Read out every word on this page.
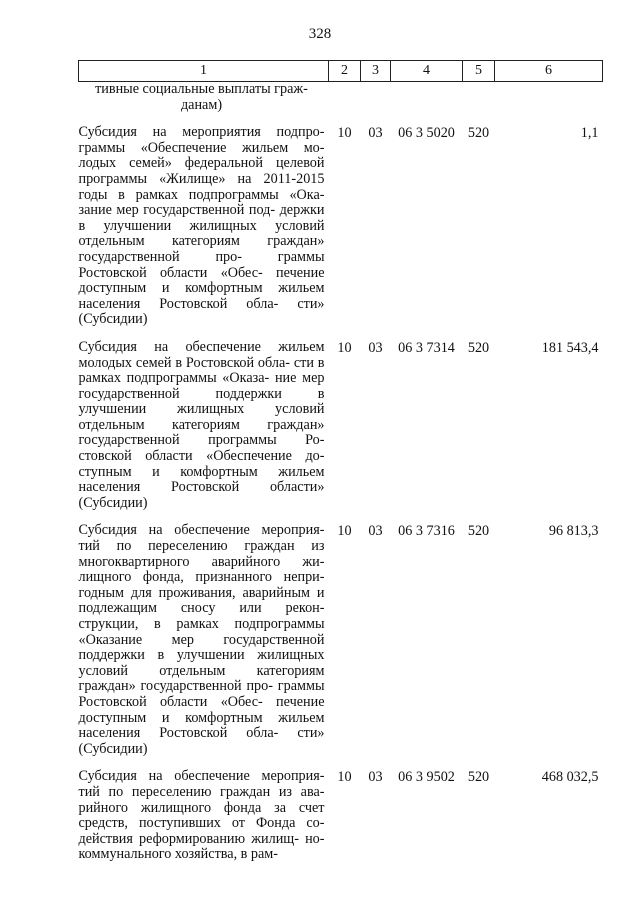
328
1	2	3	4	5	6
тивные социальные выплаты граж- данам)					
Субсидия на мероприятия подпро- граммы «Обеспечение жильем мо- лодых семей» федеральной целевой программы «Жилище» на 2011-2015 годы в рамках подпрограммы «Ока- зание мер государственной под- держки в улучшении жилищных условий отдельным категориям граждан» государственной про- граммы Ростовской области «Обес- печение доступным и комфортным жильем населения Ростовской обла- сти» (Субсидии)	10	03	06 3 5020	520	1,1
Субсидия на обеспечение жильем молодых семей в Ростовской обла- сти в рамках подпрограммы «Оказа- ние мер государственной поддержки в улучшении жилищных условий отдельным категориям граждан» государственной программы Ро- стовской области «Обеспечение до- ступным и комфортным жильем населения Ростовской области» (Субсидии)	10	03	06 3 7314	520	181 543,4
Субсидия на обеспечение мероприя- тий по переселению граждан из многоквартирного аварийного жи- лищного фонда, признанного непри- годным для проживания, аварийным и подлежащим сносу или рекон- струкции, в рамках подпрограммы «Оказание мер государственной поддержки в улучшении жилищных условий отдельным категориям граждан» государственной про- граммы Ростовской области «Обес- печение доступным и комфортным жильем населения Ростовской обла- сти» (Субсидии)	10	03	06 3 7316	520	96 813,3
Субсидия на обеспечение мероприя- тий по переселению граждан из ава- рийного жилищного фонда за счет средств, поступивших от Фонда со- действия реформированию жилищ- но-коммунального хозяйства, в рам-	10	03	06 3 9502	520	468 032,5
